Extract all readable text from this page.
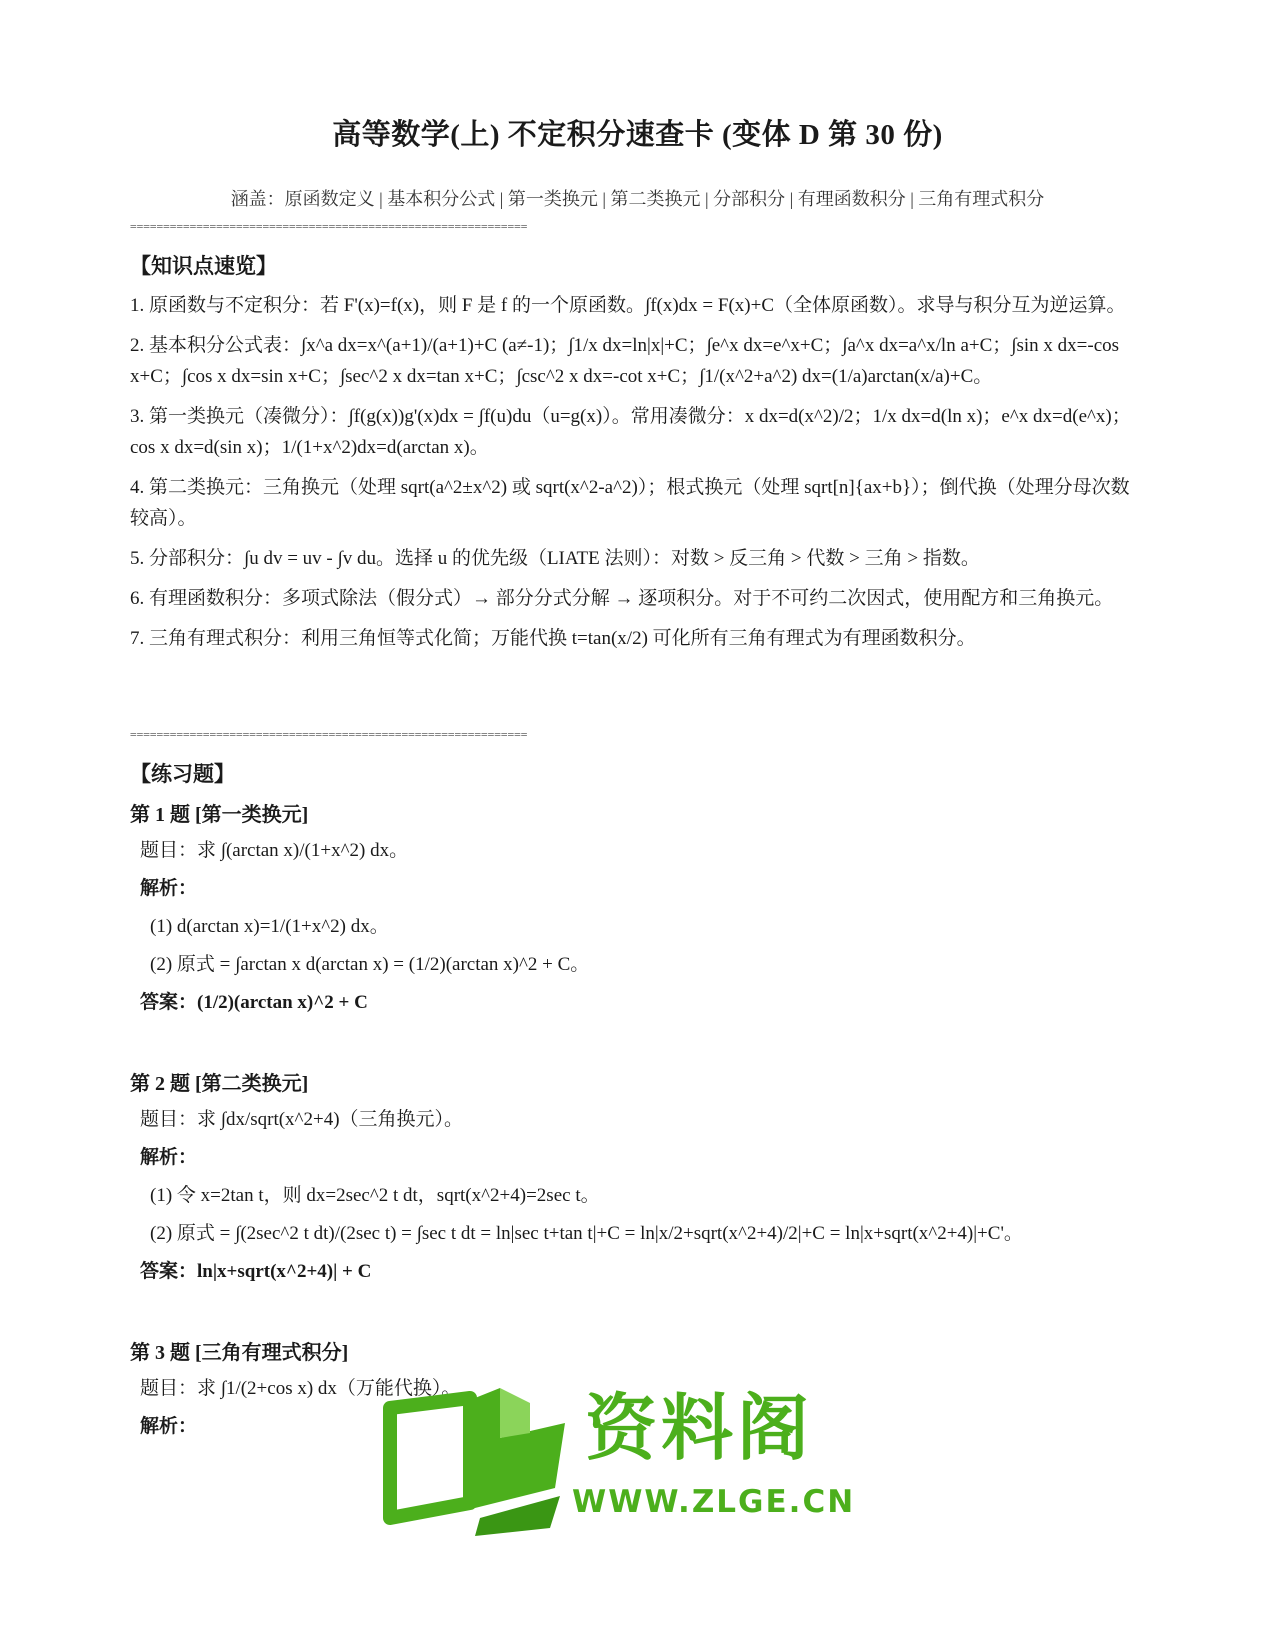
高等数学(上) 不定积分速查卡 (变体 D 第 30 份)
涵盖：原函数定义 | 基本积分公式 | 第一类换元 | 第二类换元 | 分部积分 | 有理函数积分 | 三角有理式积分
============================================================
【知识点速览】
1. 原函数与不定积分：若 F'(x)=f(x)，则 F 是 f 的一个原函数。∫f(x)dx = F(x)+C（全体原函数）。求导与积分互为逆运算。
2. 基本积分公式表：∫x^a dx=x^(a+1)/(a+1)+C (a≠-1)；∫1/x dx=ln|x|+C；∫e^x dx=e^x+C；∫a^x dx=a^x/ln a+C；∫sin x dx=-cos x+C；∫cos x dx=sin x+C；∫sec^2 x dx=tan x+C；∫csc^2 x dx=-cot x+C；∫1/(x^2+a^2) dx=(1/a)arctan(x/a)+C。
3. 第一类换元（凑微分）：∫f(g(x))g'(x)dx = ∫f(u)du（u=g(x)）。常用凑微分：x dx=d(x^2)/2；1/x dx=d(ln x)；e^x dx=d(e^x)；cos x dx=d(sin x)；1/(1+x^2)dx=d(arctan x)。
4. 第二类换元：三角换元（处理 sqrt(a^2±x^2) 或 sqrt(x^2-a^2)）；根式换元（处理 sqrt[n]{ax+b}）；倒代换（处理分母次数较高）。
5. 分部积分：∫u dv = uv - ∫v du。选择 u 的优先级（LIATE 法则）：对数 > 反三角 > 代数 > 三角 > 指数。
6. 有理函数积分：多项式除法（假分式）→ 部分分式分解 → 逐项积分。对于不可约二次因式，使用配方和三角换元。
7. 三角有理式积分：利用三角恒等式化简；万能代换 t=tan(x/2) 可化所有三角有理式为有理函数积分。
============================================================
【练习题】
第 1 题 [第一类换元]
题目：求 ∫(arctan x)/(1+x^2) dx。
解析：
(1) d(arctan x)=1/(1+x^2) dx。
(2) 原式 = ∫arctan x d(arctan x) = (1/2)(arctan x)^2 + C。
答案：(1/2)(arctan x)^2 + C
第 2 题 [第二类换元]
题目：求 ∫dx/sqrt(x^2+4)（三角换元）。
解析：
(1) 令 x=2tan t，则 dx=2sec^2 t dt，sqrt(x^2+4)=2sec t。
(2) 原式 = ∫(2sec^2 t dt)/(2sec t) = ∫sec t dt = ln|sec t+tan t|+C = ln|x/2+sqrt(x^2+4)/2|+C = ln|x+sqrt(x^2+4)|+C'。
答案：ln|x+sqrt(x^2+4)| + C
第 3 题 [三角有理式积分]
题目：求 ∫1/(2+cos x) dx（万能代换）。
解析：	资料阁
WWW.ZLGE.CN
